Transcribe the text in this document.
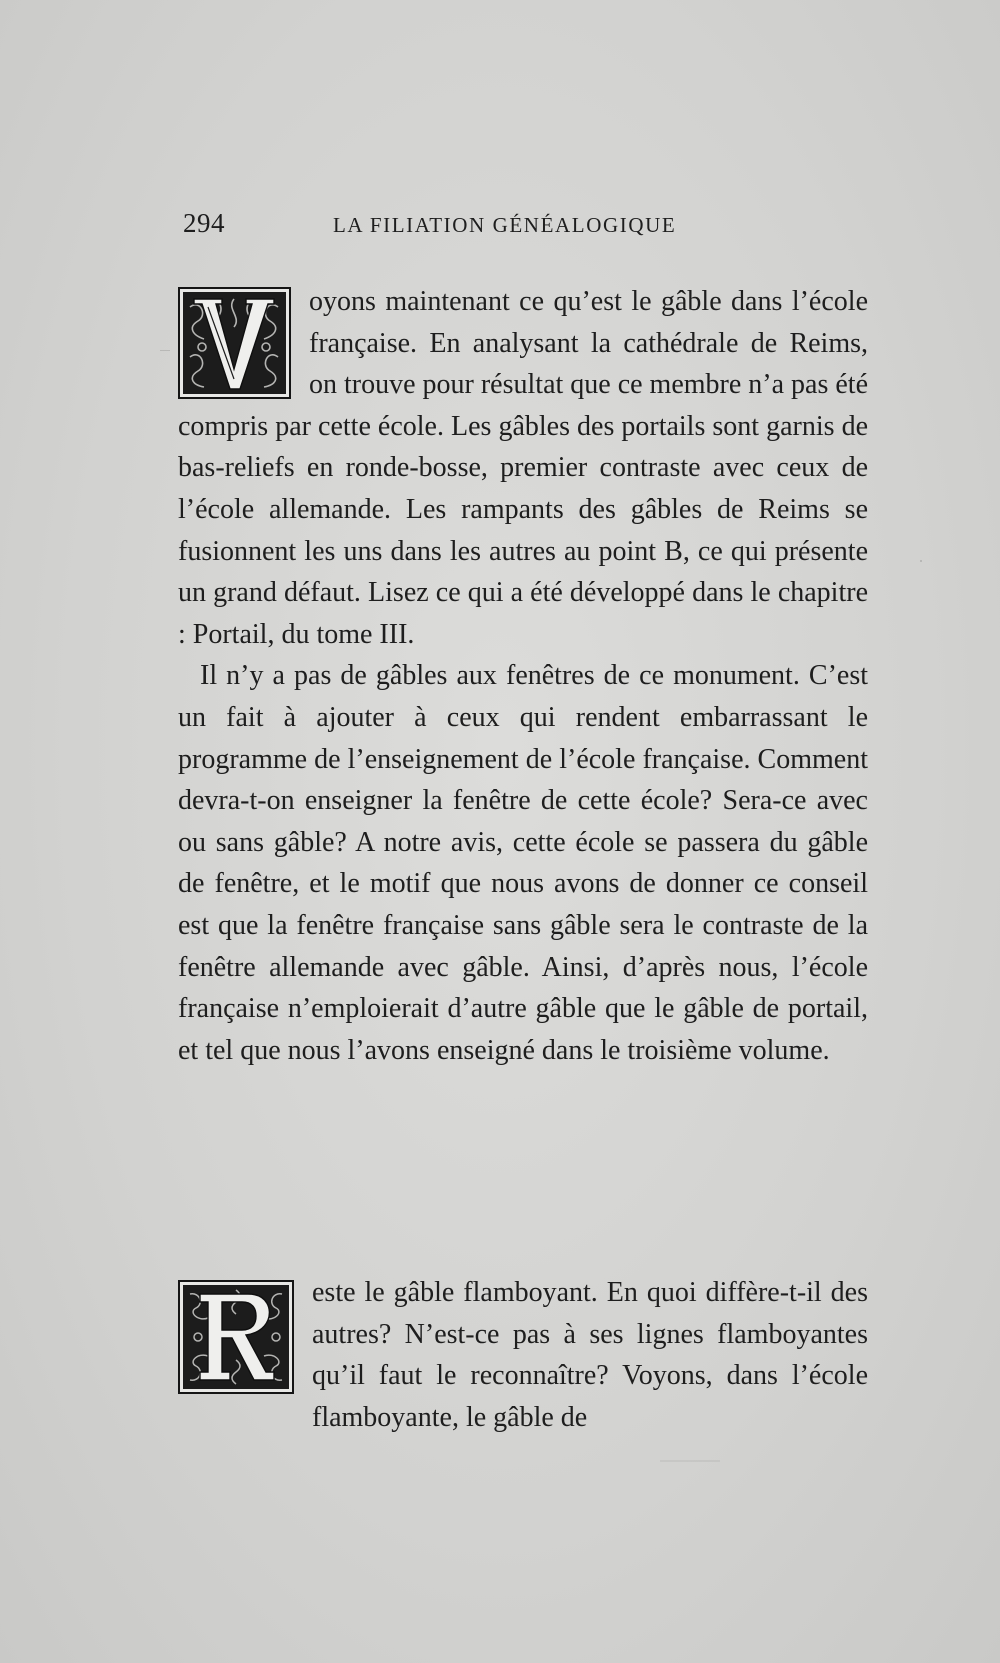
294	LA FILIATION GÉNÉALOGIQUE

oyons maintenant ce qu’est le gâble dans l’école française. En analysant la cathédrale de Reims, on trouve pour résultat que ce membre n’a pas été compris par cette école. Les gâbles des portails sont garnis de bas-reliefs en ronde-bosse, premier contraste avec ceux de l’école allemande. Les rampants des gâbles de Reims se fusionnent les uns dans les autres au point B, ce qui présente un grand défaut. Lisez ce qui a été développé dans le chapitre : Portail, du tome III.

Il n’y a pas de gâbles aux fenêtres de ce monument. C’est un fait à ajouter à ceux qui rendent embarrassant le programme de l’enseignement de l’école française. Comment devra-t-on enseigner la fenêtre de cette école? Sera-ce avec ou sans gâble? A notre avis, cette école se passera du gâble de fenêtre, et le motif que nous avons de donner ce conseil est que la fenêtre française sans gâble sera le contraste de la fenêtre allemande avec gâble. Ainsi, d’après nous, l’école française n’emploierait d’autre gâble que le gâble de portail, et tel que nous l’avons enseigné dans le troisième volume.

este le gâble flamboyant. En quoi diffère-t-il des autres? N’est-ce pas à ses lignes flamboyantes qu’il faut le reconnaître? Voyons, dans l’école flamboyante, le gâble de
